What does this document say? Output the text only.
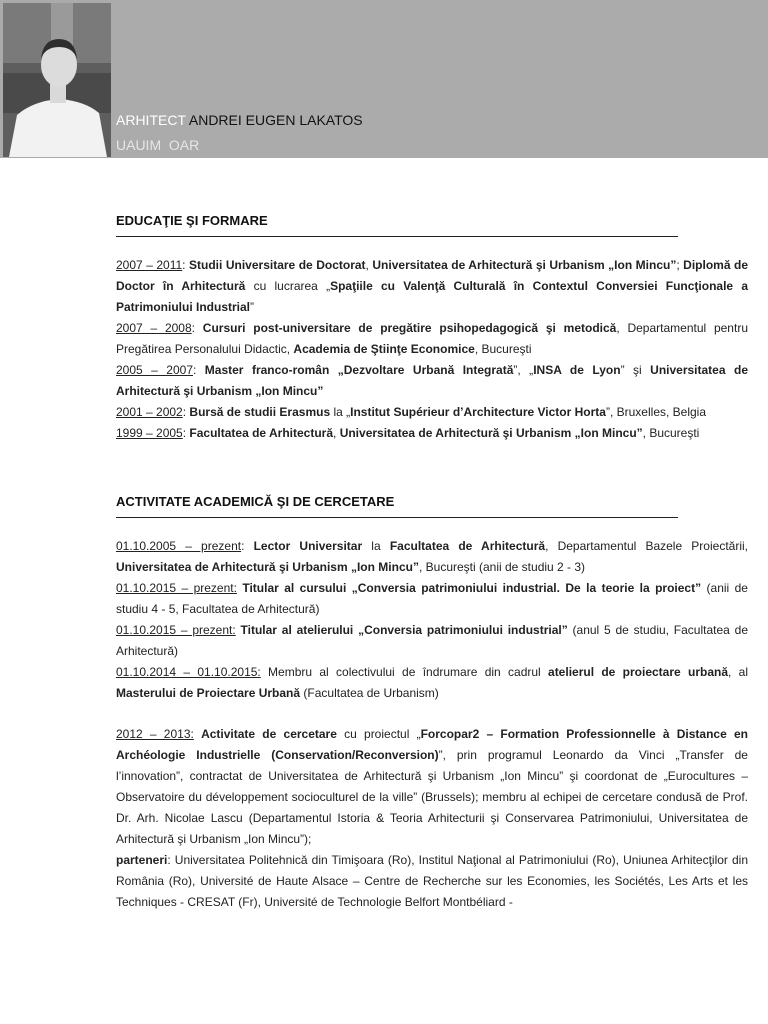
ARHITECT ANDREI EUGEN LAKATOS
UAUIM  OAR
EDUCAŢIE ŞI FORMARE

2007 – 2011: Studii Universitare de Doctorat, Universitatea de Arhitectură şi Urbanism „Ion Mincu”; Diplomă de Doctor în Arhitectură cu lucrarea „Spaţiile cu Valenţă Culturală în Contextul Conversiei Funcţionale a Patrimoniului Industrial”

2007 – 2008: Cursuri post-universitare de pregătire psihopedagogică şi metodică, Departamentul pentru Pregătirea Personalului Didactic, Academia de Ştiinţe Economice, Bucureşti

2005 – 2007: Master franco-român „Dezvoltare Urbană Integrată”, „INSA de Lyon” şi Universitatea de Arhitectură şi Urbanism „Ion Mincu”

2001 – 2002: Bursă de studii Erasmus la „Institut Supérieur d’Architecture Victor Horta”, Bruxelles, Belgia

1999 – 2005: Facultatea de Arhitectură, Universitatea de Arhitectură şi Urbanism „Ion Mincu”, Bucureşti

ACTIVITATE ACADEMICĂ ŞI DE CERCETARE

01.10.2005 – prezent: Lector Universitar la Facultatea de Arhitectură, Departamentul Bazele Proiectării, Universitatea de Arhitectură şi Urbanism „Ion Mincu”, Bucureşti (anii de studiu 2 - 3)

01.10.2015 – prezent: Titular al cursului „Conversia patrimoniului industrial. De la teorie la proiect” (anii de studiu 4 - 5, Facultatea de Arhitectură)

01.10.2015 – prezent: Titular al atelierului „Conversia patrimoniului industrial” (anul 5 de studiu, Facultatea de Arhitectură)

01.10.2014 – 01.10.2015: Membru al colectivului de îndrumare din cadrul atelierul de proiectare urbană, al Masterului de Proiectare Urbană (Facultatea de Urbanism)

2012 – 2013: Activitate de cercetare cu proiectul „Forcopar2 – Formation Professionnelle à Distance en Archéologie Industrielle (Conservation/Reconversion)”, prin programul Leonardo da Vinci „Transfer de l’innovation”, contractat de Universitatea de Arhitectură şi Urbanism „Ion Mincu” şi coordonat de „Eurocultures – Observatoire du développement socioculturel de la ville” (Brussels); membru al echipei de cercetare condusă de Prof. Dr. Arh. Nicolae Lascu (Departamentul Istoria & Teoria Arhitecturii şi Conservarea Patrimoniului, Universitatea de Arhitectură şi Urbanism „Ion Mincu”);

parteneri: Universitatea Politehnică din Timişoara (Ro), Institul Naţional al Patrimoniului (Ro), Uniunea Arhitecţilor din România (Ro), Université de Haute Alsace – Centre de Recherche sur les Economies, les Sociétés, Les Arts et les Techniques - CRESAT (Fr), Université de Technologie Belfort Montbéliard -
